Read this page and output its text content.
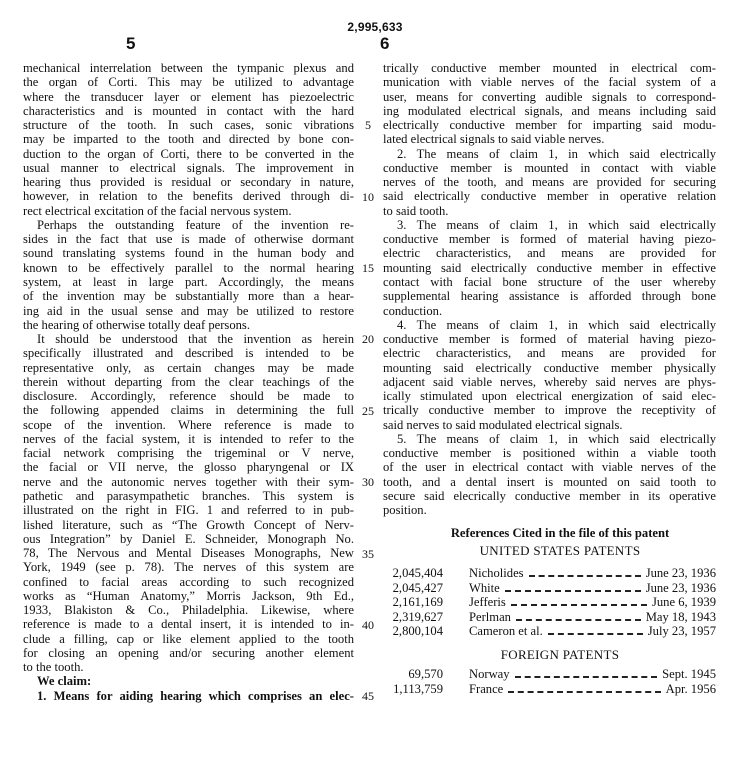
2,995,633
5	6
mechanical interrelation between the tympanic plexus and
the organ of Corti. This may be utilized to advantage
where the transducer layer or element has piezoelectric
characteristics and is mounted in contact with the hard
structure of the tooth. In such cases, sonic vibrations
may be imparted to the tooth and directed by bone con-
duction to the organ of Corti, there to be converted in the
usual manner to electrical signals. The improvement in
hearing thus provided is residual or secondary in nature,
however, in relation to the benefits derived through di-
rect electrical excitation of the facial nervous system.
Perhaps the outstanding feature of the invention re-
sides in the fact that use is made of otherwise dormant
sound translating systems found in the human body and
known to be effectively parallel to the normal hearing
system, at least in large part. Accordingly, the means
of the invention may be substantially more than a hear-
ing aid in the usual sense and may be utilized to restore
the hearing of otherwise totally deaf persons.
It should be understood that the invention as herein
specifically illustrated and described is intended to be
representative only, as certain changes may be made
therein without departing from the clear teachings of the
disclosure. Accordingly, reference should be made to
the following appended claims in determining the full
scope of the invention. Where reference is made to
nerves of the facial system, it is intended to refer to the
facial network comprising the trigeminal or V nerve,
the facial or VII nerve, the glosso pharyngenal or IX
nerve and the autonomic nerves together with their sym-
pathetic and parasympathetic branches. This system is
illustrated on the right in FIG. 1 and referred to in pub-
lished literature, such as “The Growth Concept of Nerv-
ous Integration” by Daniel E. Schneider, Monograph No.
78, The Nervous and Mental Diseases Monographs, New
York, 1949 (see p. 78). The nerves of this system are
confined to facial areas according to such recognized
works as “Human Anatomy,” Morris Jackson, 9th Ed.,
1933, Blakiston & Co., Philadelphia. Likewise, where
reference is made to a dental insert, it is intended to in-
clude a filling, cap or like element applied to the tooth
for closing an opening and/or securing another element
to the tooth.
We claim:
1. Means for aiding hearing which comprises an elec-
5
10
15
20
25
30
35
40
45
trically conductive member mounted in electrical com-
munication with viable nerves of the facial system of a
user, means for converting audible signals to correspond-
ing modulated electrical signals, and means including said
electrically conductive member for imparting said modu-
lated electrical signals to said viable nerves.
2. The means of claim 1, in which said electrically
conductive member is mounted in contact with viable
nerves of the tooth, and means are provided for securing
said electrically conductive member in operative relation
to said tooth.
3. The means of claim 1, in which said electrically
conductive member is formed of material having piezo-
electric characteristics, and means are provided for
mounting said electrically conductive member in effective
contact with facial bone structure of the user whereby
supplemental hearing assistance is afforded through bone
conduction.
4. The means of claim 1, in which said electrically
conductive member is formed of material having piezo-
electric characteristics, and means are provided for
mounting said electrically conductive member physically
adjacent said viable nerves, whereby said nerves are phys-
ically stimulated upon electrical energization of said elec-
trically conductive member to improve the receptivity of
said nerves to said modulated electrical signals.
5. The means of claim 1, in which said electrically
conductive member is positioned within a viable tooth
of the user in electrical contact with viable nerves of the
tooth, and a dental insert is mounted on said tooth to
secure said elecrically conductive member in its operative
position.
References Cited in the file of this patent
UNITED STATES PATENTS
2,045,404 Nicholides	June 23, 1936
2,045,427 White	June 23, 1936
2,161,169 Jefferis	June 6, 1939
2,319,627 Perlman	May 18, 1943
2,800,104 Cameron et al.	July 23, 1957
FOREIGN PATENTS
69,570 Norway	Sept. 1945
1,113,759 France	Apr. 1956
